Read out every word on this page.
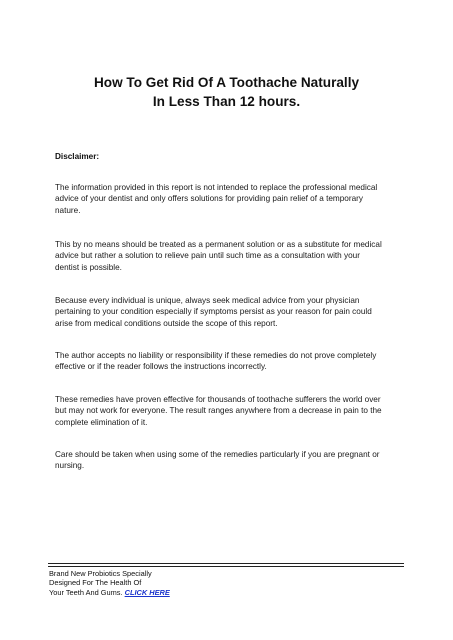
How To Get Rid Of A Toothache Naturally
In Less Than 12 hours.
Disclaimer:
The information provided in this report is not intended to replace the professional medical
advice of your dentist and only offers solutions for providing pain relief of a temporary
nature.
This by no means should be treated as a permanent solution or as a substitute for medical
advice but rather a solution to relieve pain until such time as a consultation with your
dentist is possible.
Because every individual is unique, always seek medical advice from your physician
pertaining to your condition especially if symptoms persist as your reason for pain could
arise from medical conditions outside the scope of this report.
The author accepts no liability or responsibility if these remedies do not prove completely
effective or if the reader follows the instructions incorrectly.
These remedies have proven effective for thousands of toothache sufferers the world over
but may not work for everyone. The result ranges anywhere from a decrease in pain to the
complete elimination of it.
Care should be taken when using some of the remedies particularly if you are pregnant or
nursing.
Brand New Probiotics Specially
Designed For The Health Of
Your Teeth And Gums. CLICK HERE
